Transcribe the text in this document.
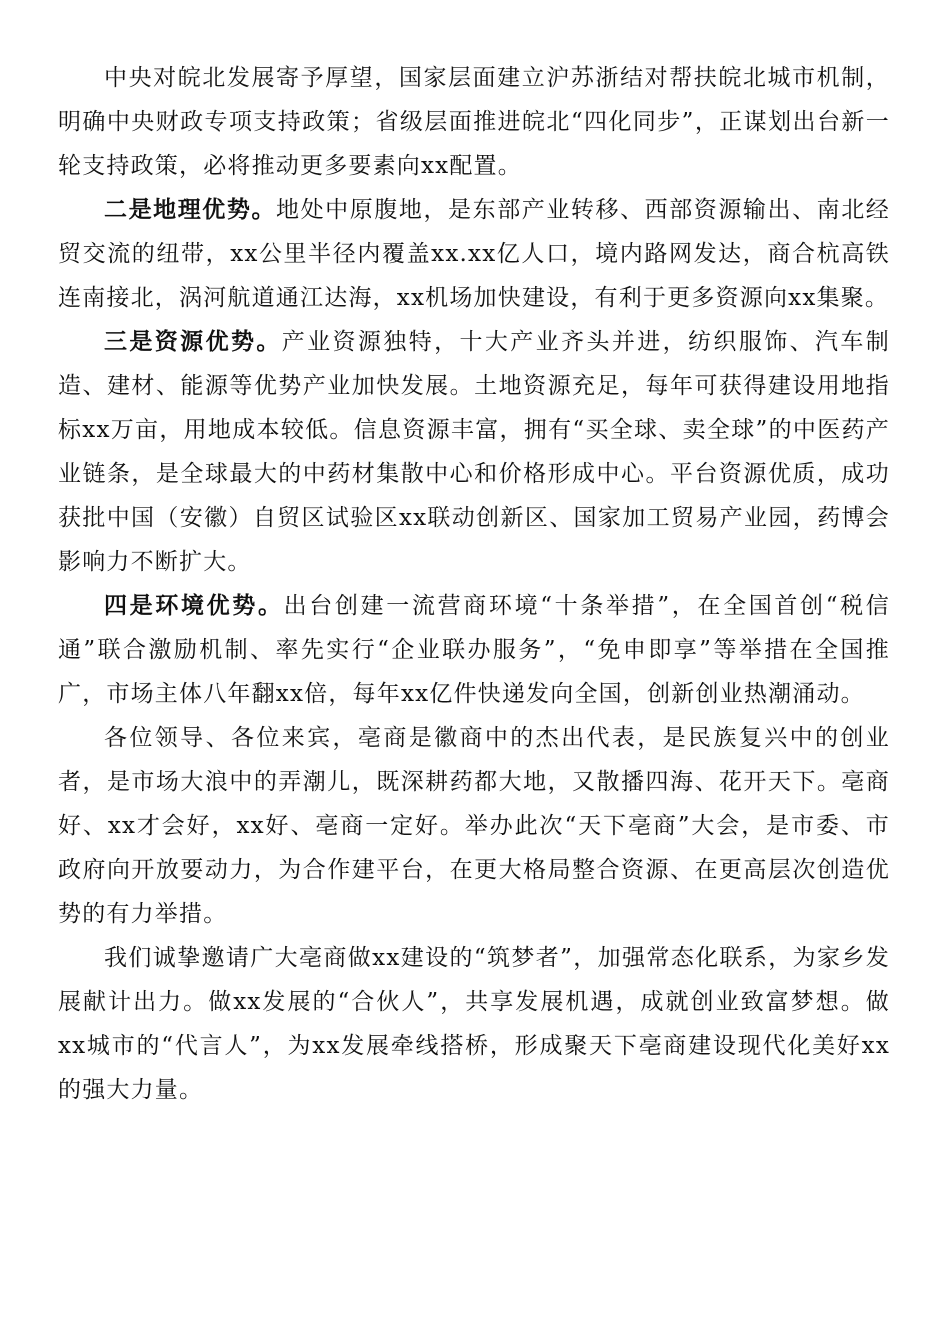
中央对皖北发展寄予厚望，国家层面建立沪苏浙结对帮扶皖北城市机制，明确中央财政专项支持政策；省级层面推进皖北“四化同步”，正谋划出台新一轮支持政策，必将推动更多要素向xx配置。

二是地理优势。地处中原腹地，是东部产业转移、西部资源输出、南北经贸交流的纽带，xx公里半径内覆盖xx.xx亿人口，境内路网发达，商合杭高铁连南接北，涡河航道通江达海，xx机场加快建设，有利于更多资源向xx集聚。

三是资源优势。产业资源独特，十大产业齐头并进，纺织服饰、汽车制造、建材、能源等优势产业加快发展。土地资源充足，每年可获得建设用地指标xx万亩，用地成本较低。信息资源丰富，拥有“买全球、卖全球”的中医药产业链条，是全球最大的中药材集散中心和价格形成中心。平台资源优质，成功获批中国（安徽）自贸区试验区xx联动创新区、国家加工贸易产业园，药博会影响力不断扩大。

四是环境优势。出台创建一流营商环境“十条举措”，在全国首创“税信通”联合激励机制、率先实行“企业联办服务”，“免申即享”等举措在全国推广，市场主体八年翻xx倍，每年xx亿件快递发向全国，创新创业热潮涌动。

各位领导、各位来宾，亳商是徽商中的杰出代表，是民族复兴中的创业者，是市场大浪中的弄潮儿，既深耕药都大地，又散播四海、花开天下。亳商好、xx才会好，xx好、亳商一定好。举办此次“天下亳商”大会，是市委、市政府向开放要动力，为合作建平台，在更大格局整合资源、在更高层次创造优势的有力举措。

我们诚挚邀请广大亳商做xx建设的“筑梦者”，加强常态化联系，为家乡发展献计出力。做xx发展的“合伙人”，共享发展机遇，成就创业致富梦想。做xx城市的“代言人”，为xx发展牵线搭桥，形成聚天下亳商建设现代化美好xx的强大力量。
